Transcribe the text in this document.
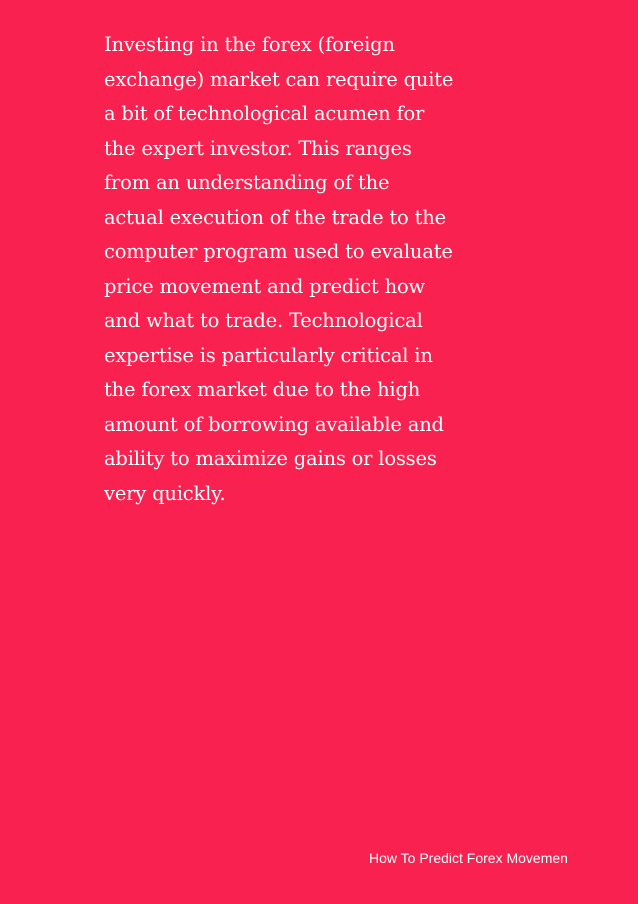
Investing in the forex (foreign
exchange) market can require quite
a bit of technological acumen for
the expert investor. This ranges
from an understanding of the
actual execution of the trade to the
computer program used to evaluate
price movement and predict how
and what to trade. Technological
expertise is particularly critical in
the forex market due to the high
amount of borrowing available and
ability to maximize gains or losses
very quickly.

How To Predict Forex Movemen
